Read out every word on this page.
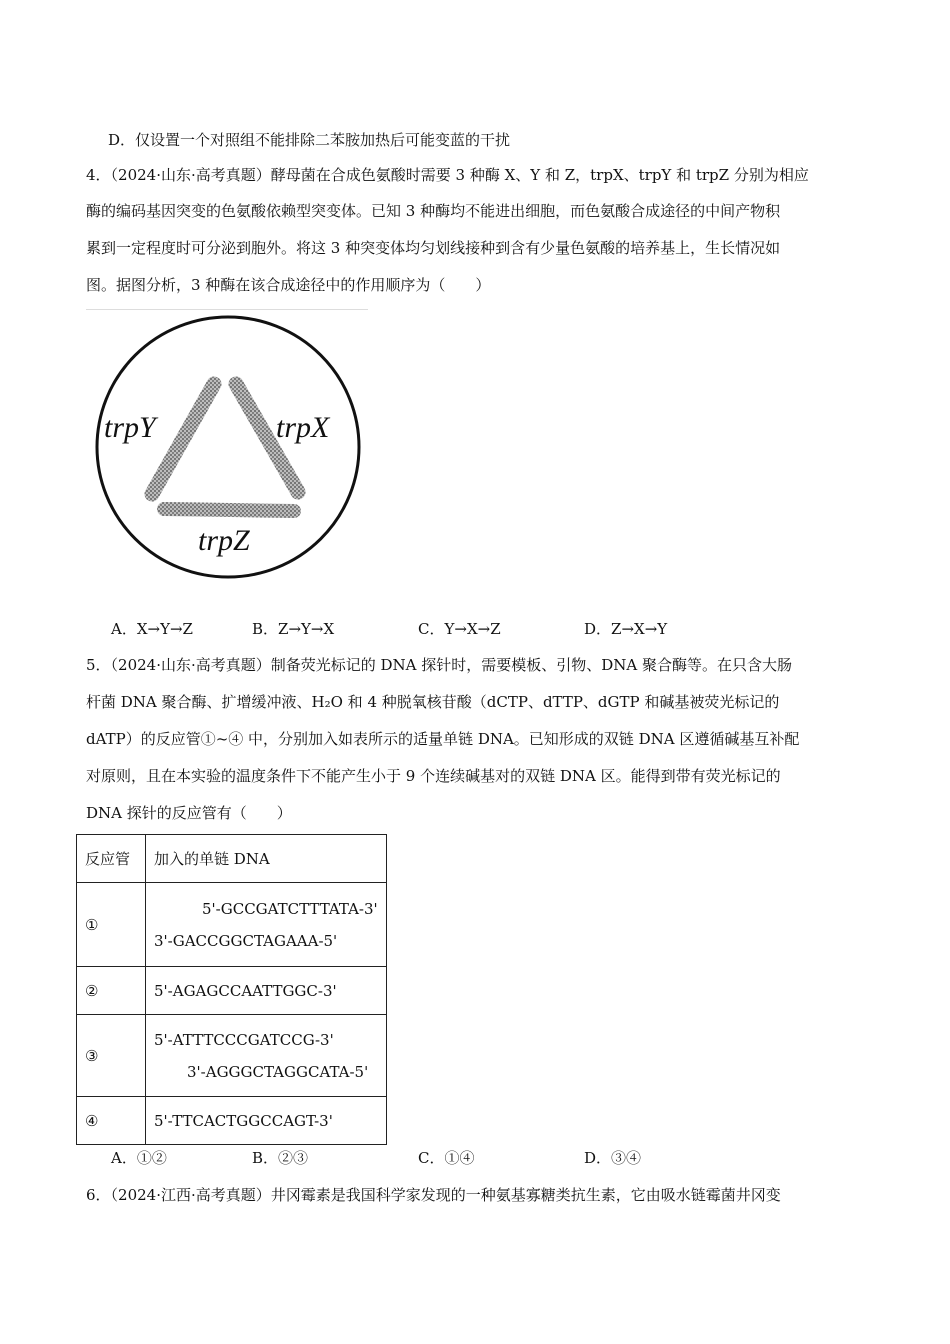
D．仅设置一个对照组不能排除二苯胺加热后可能变蓝的干扰
4．（2024·山东·高考真题）酵母菌在合成色氨酸时需要 3 种酶 X、Y 和 Z，trpX、trpY 和 trpZ 分别为相应
酶的编码基因突变的色氨酸依赖型突变体。已知 3 种酶均不能进出细胞，而色氨酸合成途径的中间产物积
累到一定程度时可分泌到胞外。将这 3 种突变体均匀划线接种到含有少量色氨酸的培养基上，生长情况如
图。据图分析，3 种酶在该合成途径中的作用顺序为（　　）
trpY	trpX
trpZ
A．X→Y→Z	B．Z→Y→X	C．Y→X→Z	D．Z→X→Y
5．（2024·山东·高考真题）制备荧光标记的 DNA 探针时，需要模板、引物、DNA 聚合酶等。在只含大肠
杆菌 DNA 聚合酶、扩增缓冲液、H₂O 和 4 种脱氧核苷酸（dCTP、dTTP、dGTP 和碱基被荧光标记的
dATP）的反应管①~④ 中，分别加入如表所示的适量单链 DNA。已知形成的双链 DNA 区遵循碱基互补配
对原则，且在本实验的温度条件下不能产生小于 9 个连续碱基对的双链 DNA 区。能得到带有荧光标记的
DNA 探针的反应管有（　　）
反应管	加入的单链 DNA
①	5'-GCCGATCTTTATA-3'
3'-GACCGGCTAGAAA-5'

②	5'-AGAGCCAATTGGC-3'

③	5'-ATTTCCCGATCCG-3'
3'-AGGGCTAGGCATA-5'

④	5'-TTCACTGGCCAGT-3'
A．①②	B．②③	C．①④	D．③④
6．（2024·江西·高考真题）井冈霉素是我国科学家发现的一种氨基寡糖类抗生素，它由吸水链霉菌井冈变
